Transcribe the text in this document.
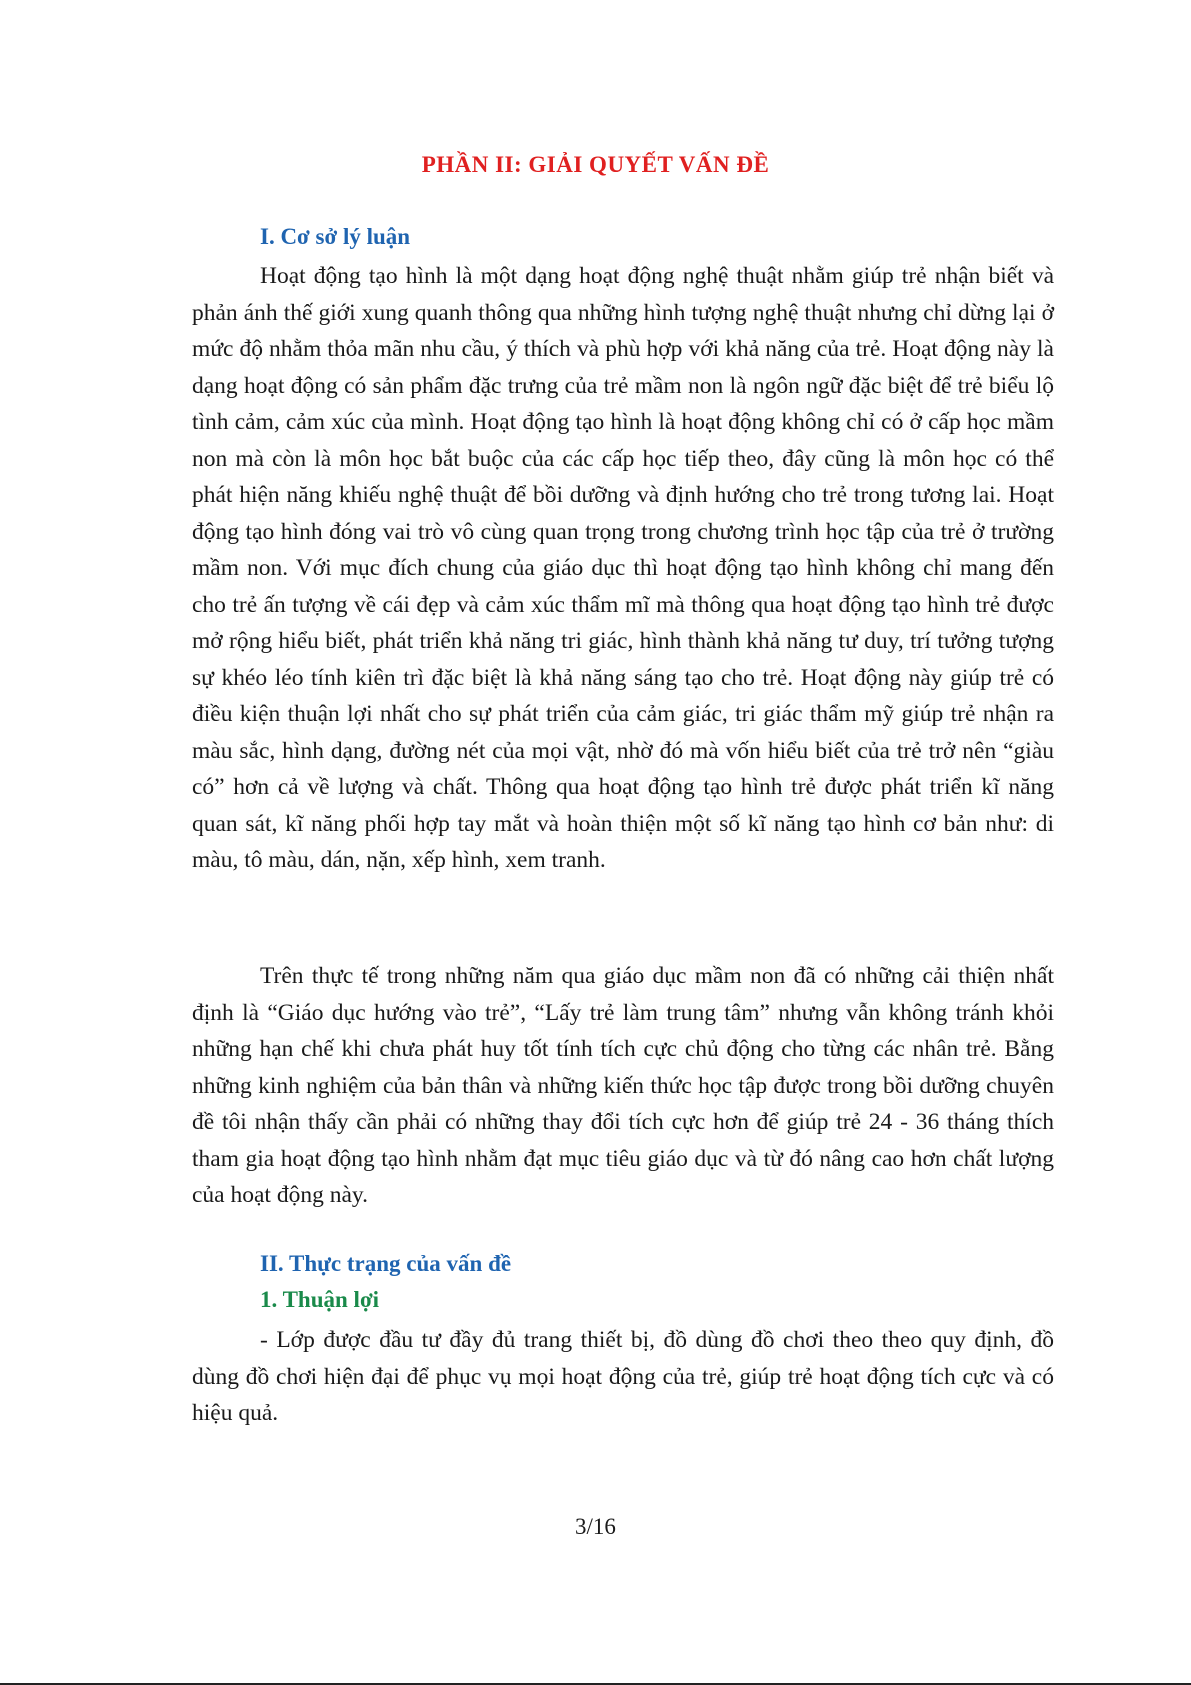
PHẦN II: GIẢI QUYẾT VẤN ĐỀ
I. Cơ sở lý luận

Hoạt động tạo hình là một dạng hoạt động nghệ thuật nhằm giúp trẻ nhận biết và phản ánh thế giới xung quanh thông qua những hình tượng nghệ thuật nhưng chỉ dừng lại ở mức độ nhằm thỏa mãn nhu cầu, ý thích và phù hợp với khả năng của trẻ. Hoạt động này là dạng hoạt động có sản phẩm đặc trưng của trẻ mầm non là ngôn ngữ đặc biệt để trẻ biểu lộ tình cảm, cảm xúc của mình. Hoạt động tạo hình là hoạt động không chỉ có ở cấp học mầm non mà còn là môn học bắt buộc của các cấp học tiếp theo, đây cũng là môn học có thể phát hiện năng khiếu nghệ thuật để bồi dưỡng và định hướng cho trẻ trong tương lai. Hoạt động tạo hình đóng vai trò vô cùng quan trọng trong chương trình học tập của trẻ ở trường mầm non. Với mục đích chung của giáo dục thì hoạt động tạo hình không chỉ mang đến cho trẻ ấn tượng về cái đẹp và cảm xúc thẩm mĩ mà thông qua hoạt động tạo hình trẻ được mở rộng hiểu biết, phát triển khả năng tri giác, hình thành khả năng tư duy, trí tưởng tượng sự khéo léo tính kiên trì đặc biệt là khả năng sáng tạo cho trẻ. Hoạt động này giúp trẻ có điều kiện thuận lợi nhất cho sự phát triển của cảm giác, tri giác thẩm mỹ giúp trẻ nhận ra màu sắc, hình dạng, đường nét của mọi vật, nhờ đó mà vốn hiểu biết của trẻ trở nên “giàu có” hơn cả về lượng và chất. Thông qua hoạt động tạo hình trẻ được phát triển kĩ năng quan sát, kĩ năng phối hợp tay mắt và hoàn thiện một số kĩ năng tạo hình cơ bản như: di màu, tô màu, dán, nặn, xếp hình, xem tranh.

Trên thực tế trong những năm qua giáo dục mầm non đã có những cải thiện nhất định là “Giáo dục hướng vào trẻ”, “Lấy trẻ làm trung tâm” nhưng vẫn không tránh khỏi những hạn chế khi chưa phát huy tốt tính tích cực chủ động cho từng các nhân trẻ. Bằng những kinh nghiệm của bản thân và những kiến thức học tập được trong bồi dưỡng chuyên đề tôi nhận thấy cần phải có những thay đổi tích cực hơn để giúp trẻ 24 - 36 tháng thích tham gia hoạt động tạo hình nhằm đạt mục tiêu giáo dục và từ đó nâng cao hơn chất lượng của hoạt động này.

II. Thực trạng của vấn đề
1. Thuận lợi

- Lớp được đầu tư đầy đủ trang thiết bị, đồ dùng đồ chơi theo theo quy định, đồ dùng đồ chơi hiện đại để phục vụ mọi hoạt động của trẻ, giúp trẻ hoạt động tích cực và có hiệu quả.

3/16
